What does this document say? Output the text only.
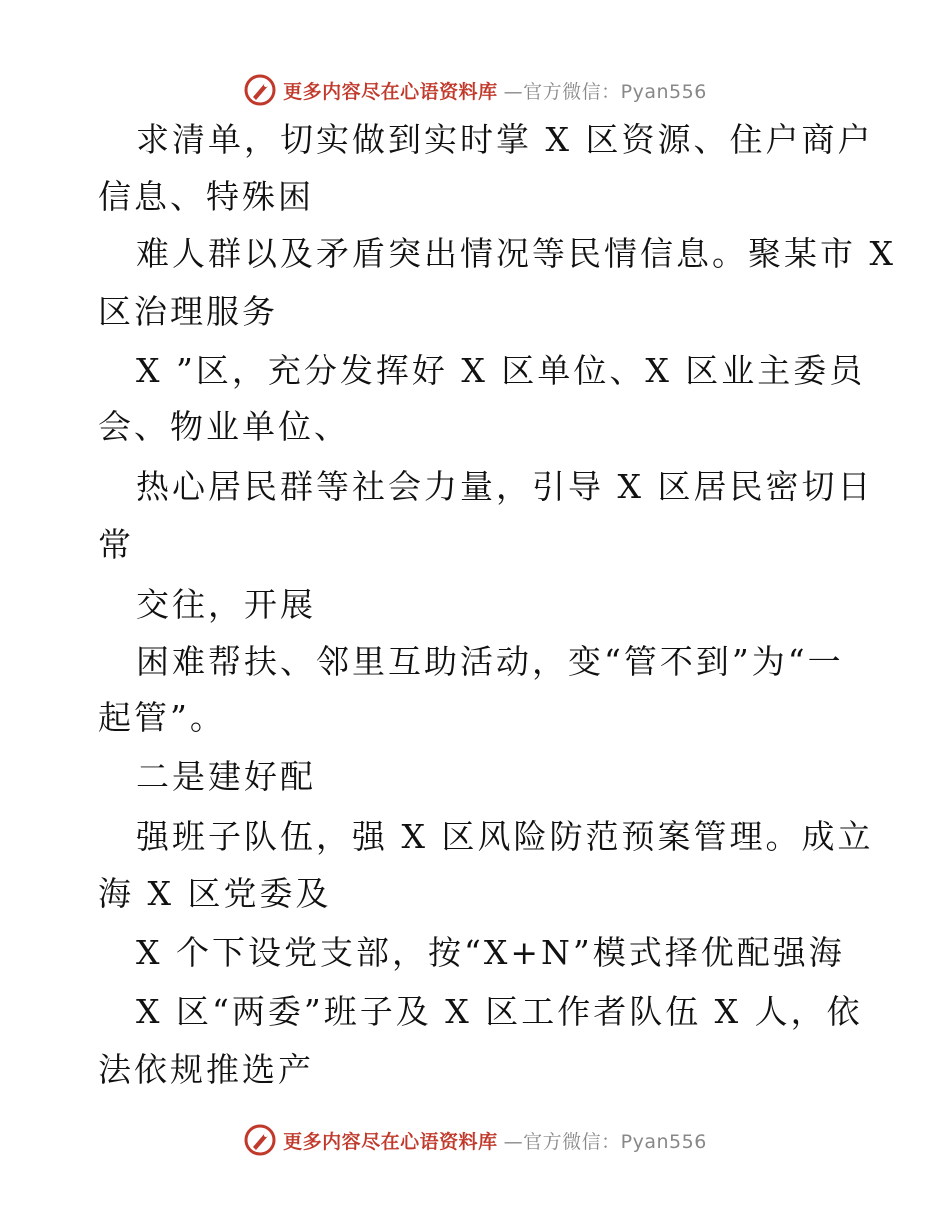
更多内容尽在心语资料库 —官方微信：Pyan556
求清单，切实做到实时掌 X 区资源、住户商户
信息、特殊困
难人群以及矛盾突出情况等民情信息。聚某市 X
区治理服务
X ”区，充分发挥好 X 区单位、X 区业主委员
会、物业单位、
热心居民群等社会力量，引导 X 区居民密切日
常
交往，开展
困难帮扶、邻里互助活动，变“管不到”为“一
起管”。
二是建好配
强班子队伍，强 X 区风险防范预案管理。成立
海 X 区党委及
X 个下设党支部，按“X+N”模式择优配强海
X 区“两委”班子及 X 区工作者队伍 X 人，依
法依规推选产
更多内容尽在心语资料库 —官方微信：Pyan556
